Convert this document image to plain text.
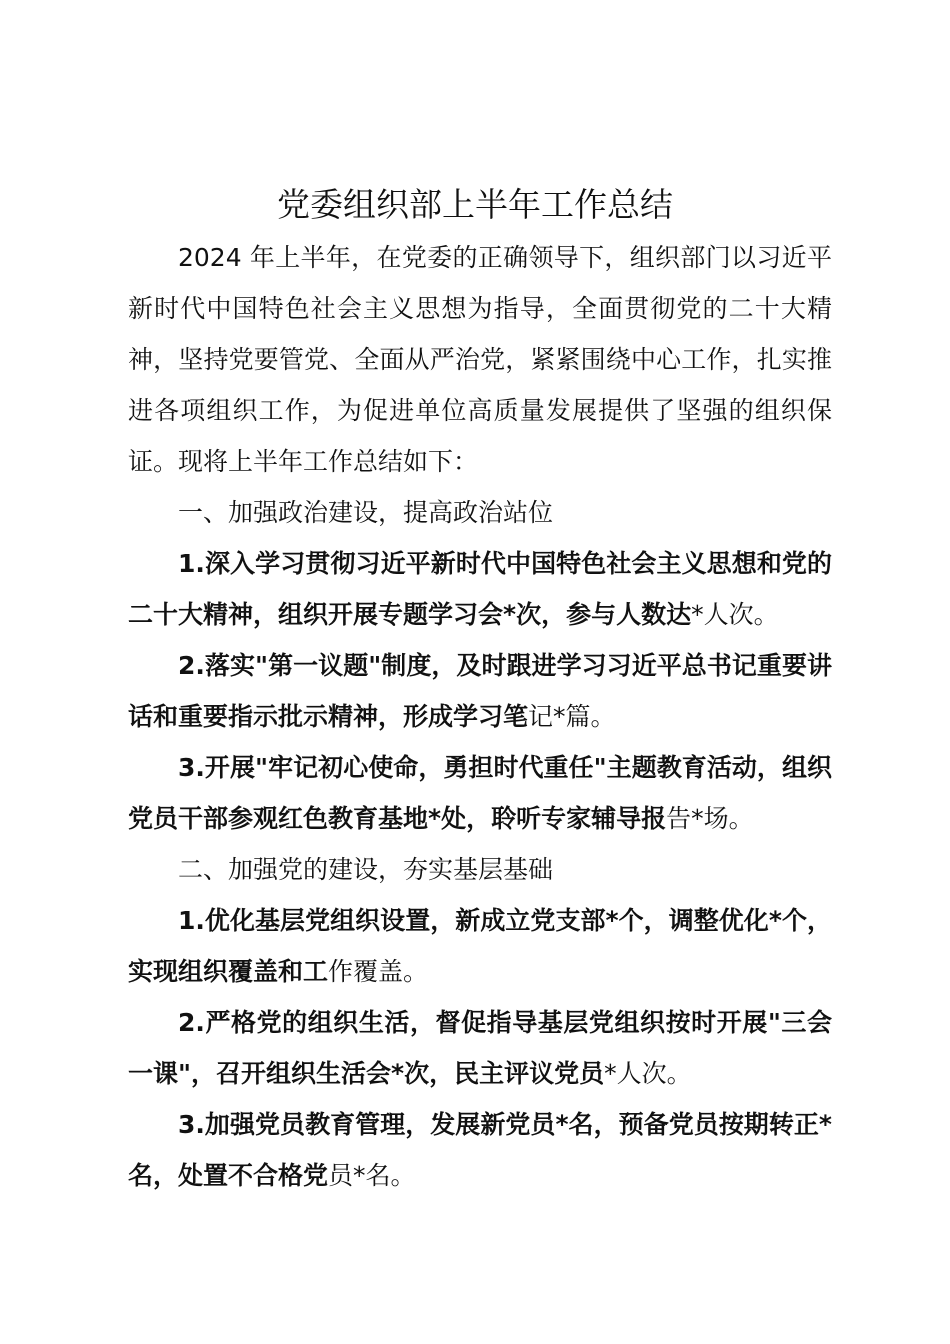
党委组织部上半年工作总结

2024 年上半年，在党委的正确领导下，组织部门以习近平新时代中国特色社会主义思想为指导，全面贯彻党的二十大精神，坚持党要管党、全面从严治党，紧紧围绕中心工作，扎实推进各项组织工作，为促进单位高质量发展提供了坚强的组织保证。现将上半年工作总结如下：

一、加强政治建设，提高政治站位

1.深入学习贯彻习近平新时代中国特色社会主义思想和党的二十大精神，组织开展专题学习会*次，参与人数达*人次。

2.落实"第一议题"制度，及时跟进学习习近平总书记重要讲话和重要指示批示精神，形成学习笔记*篇。

3.开展"牢记初心使命，勇担时代重任"主题教育活动，组织党员干部参观红色教育基地*处，聆听专家辅导报告*场。

二、加强党的建设，夯实基层基础

1.优化基层党组织设置，新成立党支部*个，调整优化*个，实现组织覆盖和工作覆盖。

2.严格党的组织生活，督促指导基层党组织按时开展"三会一课"，召开组织生活会*次，民主评议党员*人次。

3.加强党员教育管理，发展新党员*名，预备党员按期转正*名，处置不合格党员*名。
